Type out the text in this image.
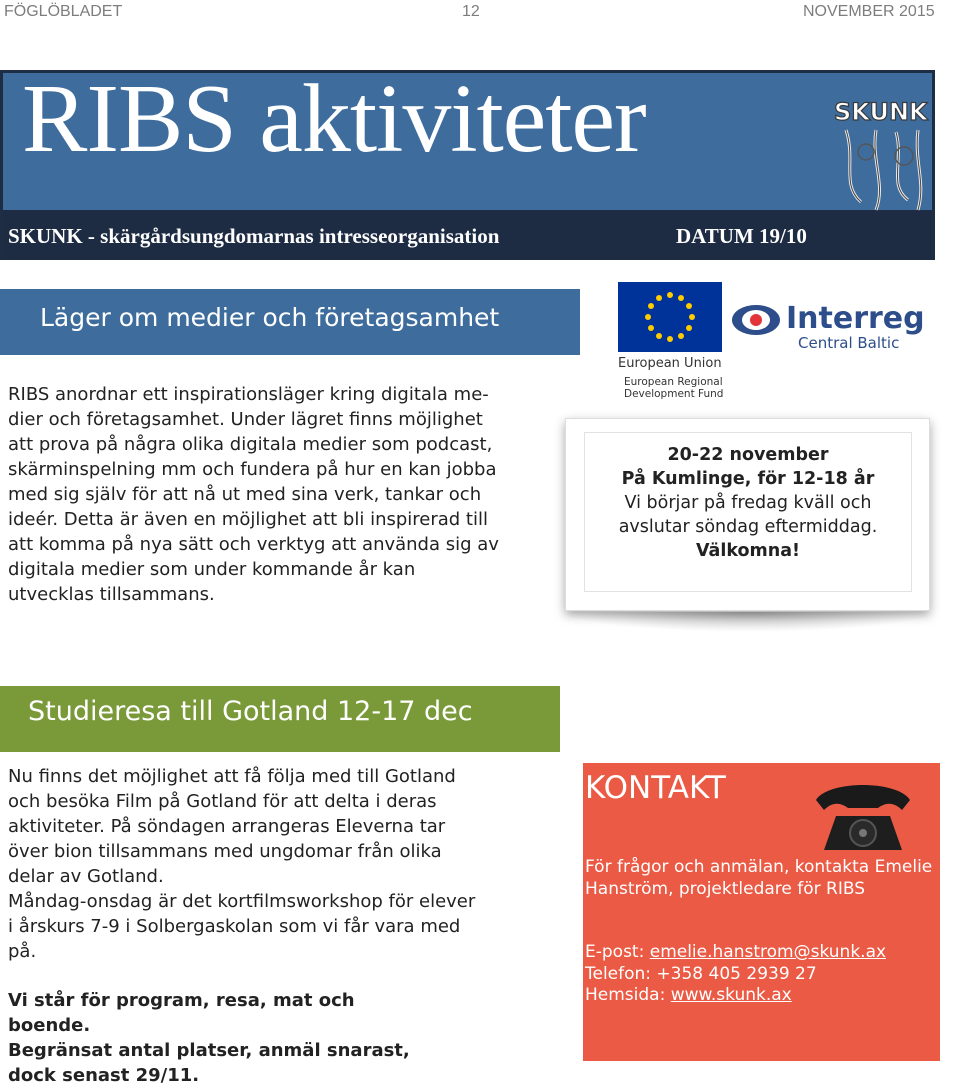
FÖGLÖBLADET	12	NOVEMBER 2015
RIBS aktiviteter
SKUNK - skärgårdsungdomarnas intresseorganisation	DATUM 19/10
SKUNK
Läger om medier och företagsamhet
RIBS anordnar ett inspirationsläger kring digitala me-
dier och företagsamhet. Under lägret finns möjlighet
att prova på några olika digitala medier som podcast,
skärminspelning mm och fundera på hur en kan jobba
med sig själv för att nå ut med sina verk, tankar och
ideér. Detta är även en möjlighet att bli inspirerad till
att komma på nya sätt och verktyg att använda sig av
digitala medier som under kommande år kan
utvecklas tillsammans.
European Union
European Regional
Development Fund
Interreg
Central Baltic
20-22 november
På Kumlinge, för 12-18 år
Vi börjar på fredag kväll och
avslutar söndag eftermiddag.
Välkomna!
Studieresa till Gotland 12-17 dec
Nu finns det möjlighet att få följa med till Gotland
och besöka Film på Gotland för att delta i deras
aktiviteter. På söndagen arrangeras Eleverna tar
över bion tillsammans med ungdomar från olika
delar av Gotland.
Måndag-onsdag är det kortfilmsworkshop för elever
i årskurs 7-9 i Solbergaskolan som vi får vara med
på.
Vi står för program, resa, mat och
boende.
Begränsat antal platser, anmäl snarast,
dock senast 29/11.
KONTAKT
För frågor och anmälan, kontakta Emelie Hanström, projektledare för RIBS
E-post: emelie.hanstrom@skunk.ax
Telefon: +358 405 2939 27
Hemsida: www.skunk.ax
